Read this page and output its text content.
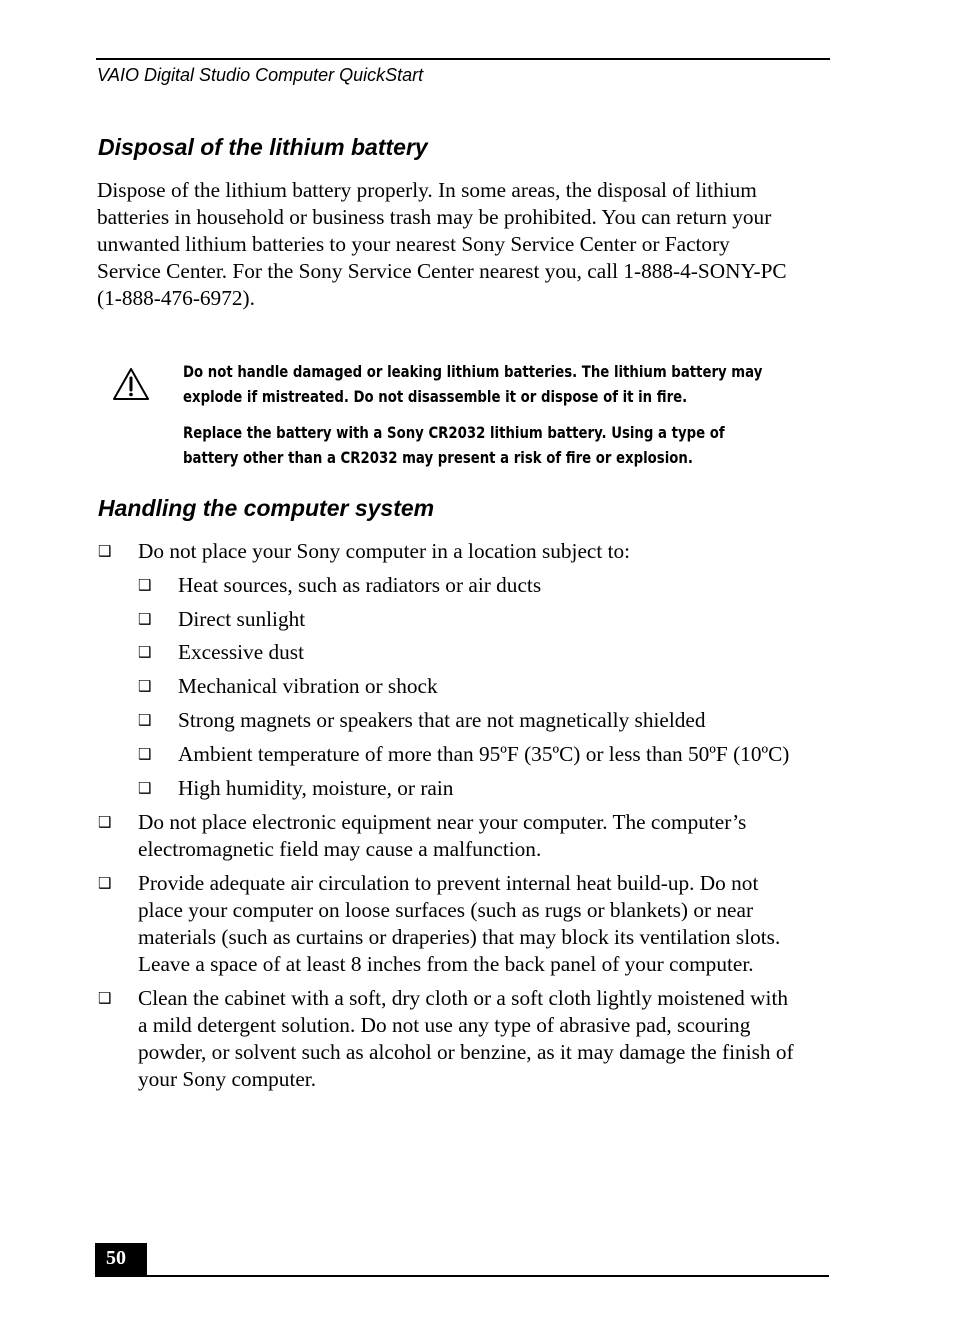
VAIO Digital Studio Computer QuickStart
Disposal of the lithium battery
Dispose of the lithium battery properly. In some areas, the disposal of lithium
batteries in household or business trash may be prohibited. You can return your
unwanted lithium batteries to your nearest Sony Service Center or Factory
Service Center. For the Sony Service Center nearest you, call 1-888-4-SONY-PC
(1-888-476-6972).
Do not handle damaged or leaking lithium batteries. The lithium battery may
explode if mistreated. Do not disassemble it or dispose of it in fire.
Replace the battery with a Sony CR2032 lithium battery. Using a type of
battery other than a CR2032 may present a risk of fire or explosion.
Handling the computer system
❑ Do not place your Sony computer in a location subject to:
❑ Heat sources, such as radiators or air ducts
❑ Direct sunlight
❑ Excessive dust
❑ Mechanical vibration or shock
❑ Strong magnets or speakers that are not magnetically shielded
❑ Ambient temperature of more than 95ºF (35ºC) or less than 50ºF (10ºC)
❑ High humidity, moisture, or rain
❑ Do not place electronic equipment near your computer. The computer’s
electromagnetic field may cause a malfunction.
❑ Provide adequate air circulation to prevent internal heat build-up. Do not
place your computer on loose surfaces (such as rugs or blankets) or near
materials (such as curtains or draperies) that may block its ventilation slots.
Leave a space of at least 8 inches from the back panel of your computer.
❑ Clean the cabinet with a soft, dry cloth or a soft cloth lightly moistened with
a mild detergent solution. Do not use any type of abrasive pad, scouring
powder, or solvent such as alcohol or benzine, as it may damage the finish of
your Sony computer.
50
